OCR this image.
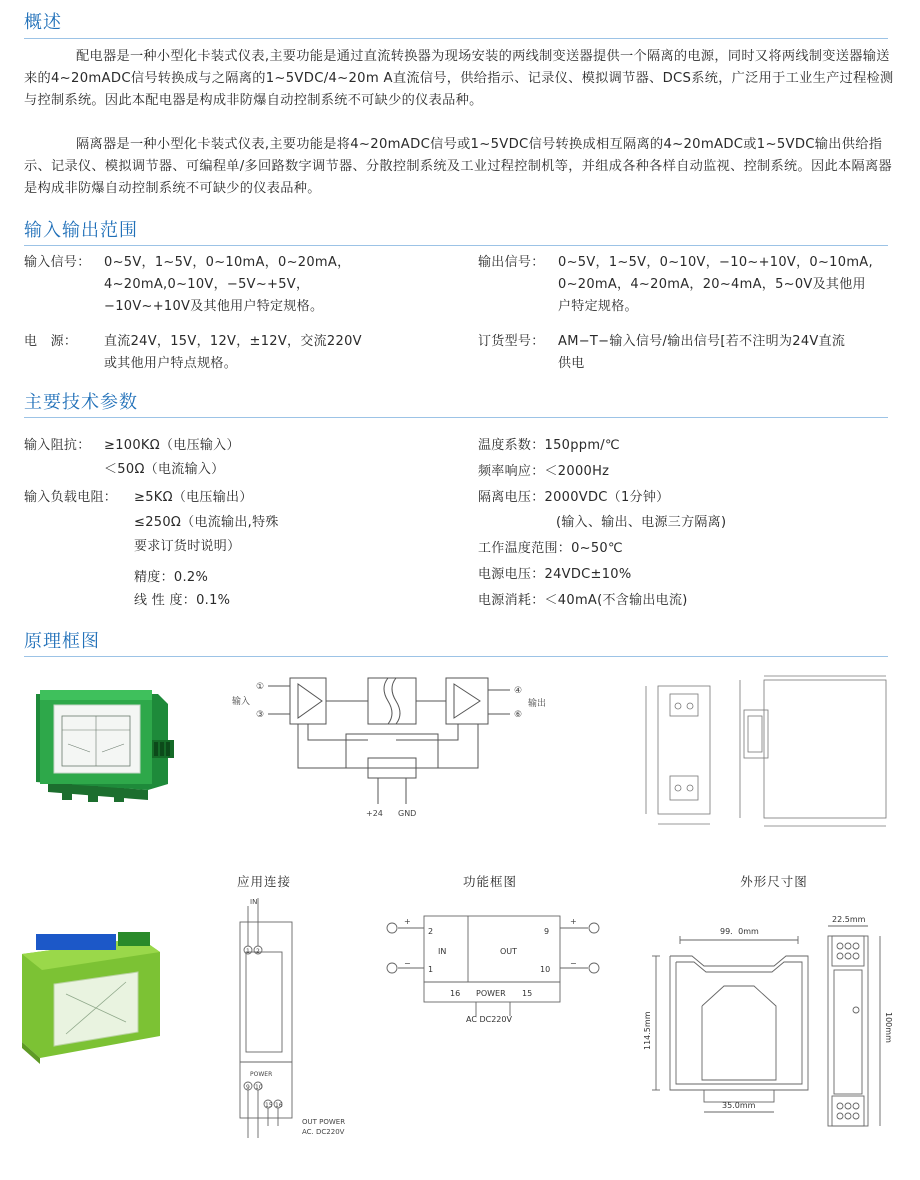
概述
配电器是一种小型化卡装式仪表,主要功能是通过直流转换器为现场安装的两线制变送器提供一个隔离的电源，同时又将两线制变送器输送来的4~20mADC信号转换成与之隔离的1~5VDC/4~20m A直流信号，供给指示、记录仪、模拟调节器、DCS系统，广泛用于工业生产过程检测与控制系统。因此本配电器是构成非防爆自动控制系统不可缺少的仪表品种。
隔离器是一种小型化卡装式仪表,主要功能是将4~20mADC信号或1~5VDC信号转换成相互隔离的4~20mADC或1~5VDC输出供给指示、记录仪、模拟调节器、可编程单/多回路数字调节器、分散控制系统及工业过程控制机等，并组成各种各样自动监视、控制系统。因此本隔离器是构成非防爆自动控制系统不可缺少的仪表品种。
输入输出范围
输入信号： 0~5V，1~5V，0~10mA，0~20mA，
4~20mA,0~10V，−5V~+5V，
−10V~+10V及其他用户特定规格。
电　源： 直流24V，15V，12V，±12V，交流220V
或其他用户特点规格。
输出信号： 0~5V，1~5V，0~10V，−10~+10V，0~10mA,
0~20mA，4~20mA，20~4mA，5~0V及其他用
户特定规格。
订货型号： AM−T−输入信号/输出信号[若不注明为24V直流
供电
主要技术参数
输入阻抗： ≥100KΩ（电压输入）
＜50Ω（电流输入）
输入负载电阻： ≥5KΩ（电压输出）
≤250Ω（电流输出,特殊
要求订货时说明）
精度：0.2%
线 性 度：0.1%
温度系数：150ppm/℃
频率响应：＜2000Hz
隔离电压：2000VDC（1分钟）
(输入、输出、电源三方隔离)
工作温度范围：0~50℃
电源电压：24VDC±10%
电源消耗：＜40mA(不含输出电流)
原理框图
输入
①
③
④
⑥
输出
+24 GND
应用连接	功能框图	外形尺寸图
IN
1 2
POWER
9 10
15 16
OUT POWER
AC. DC220V
+
−
+
−
2
1
IN	OUT
9
10
16 POWER 15
AC DC220V
99．0mm
114.5mm
35.0mm
22.5mm
100mm
